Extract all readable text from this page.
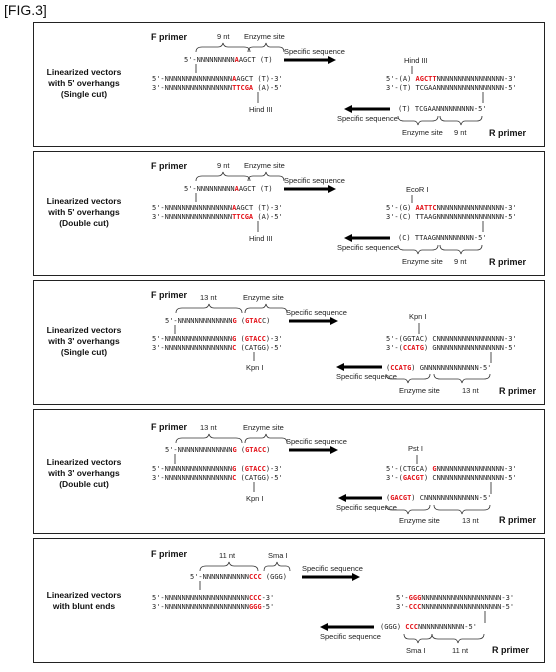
[FIG.3]
Linearized vectors
with 5' overhangs
(Single cut)
F primer	9 nt Enzyme site
5'-NNNNNNNNNAAGCT (T)
Specific sequence
5'-NNNNNNNNNNNNNNNNAAGCT (T)-3'
3'-NNNNNNNNNNNNNNNNTTCGA (A)-5'
Hind III
Hind III
5'-(A) AGCTTNNNNNNNNNNNNNNNN-3'
3'-(T) TCGAANNNNNNNNNNNNNNNN-5'
Specific sequence
(T) TCGAANNNNNNNNN-5'
Enzyme site 9 nt R primer
Linearized vectors
with 5' overhangs
(Double cut)
F primer	9 nt Enzyme site
5'-NNNNNNNNNAAGCT (T)
Specific sequence
5'-NNNNNNNNNNNNNNNNAAGCT (T)-3'
3'-NNNNNNNNNNNNNNNNTTCGA (A)-5'
Hind III
EcoR I
5'-(G) AATTCNNNNNNNNNNNNNNNN-3'
3'-(C) TTAAGNNNNNNNNNNNNNNNN-5'
Specific sequence
(C) TTAAGNNNNNNNNN-5'
Enzyme site 9 nt R primer
Linearized vectors
with 3' overhangs
(Single cut)
F primer 13 nt	Enzyme site
5'-NNNNNNNNNNNNNG (GTACC)
Specific sequence
5'-NNNNNNNNNNNNNNNNG (GTACC)-3'
3'-NNNNNNNNNNNNNNNNC (CATGG)-5'
Kpn I
Kpn I
5'-(GGTAC) CNNNNNNNNNNNNNNNN-3'
3'-(CCATG) GNNNNNNNNNNNNNNNN-5'
Specific sequence
(CCATG) GNNNNNNNNNNNNN-5'
Enzyme site	13 nt R primer
Linearized vectors
with 3' overhangs
(Double cut)
F primer 13 nt	Enzyme site
5'-NNNNNNNNNNNNNG (GTACC)
Specific sequence
5'-NNNNNNNNNNNNNNNNG (GTACC)-3'
3'-NNNNNNNNNNNNNNNNC (CATGG)-5'
Kpn I
Pst I
5'-(CTGCA) GNNNNNNNNNNNNNNNN-3'
3'-(GACGT) CNNNNNNNNNNNNNNNN-5'
Specific sequence
(GACGT) CNNNNNNNNNNNNN-5'
Enzyme site	13 nt R primer
Linearized vectors
with blunt ends
F primer	11 nt	Sma I
5'-NNNNNNNNNNNCCC (GGG)
Specific sequence
5'-NNNNNNNNNNNNNNNNNNNNCCC-3'
3'-NNNNNNNNNNNNNNNNNNNNGGG-5'
5'-GGGNNNNNNNNNNNNNNNNNNN-3'
3'-CCCNNNNNNNNNNNNNNNNNNN-5'
Specific sequence
(GGG) CCCNNNNNNNNNNN-5'
Sma I	11 nt	R primer
